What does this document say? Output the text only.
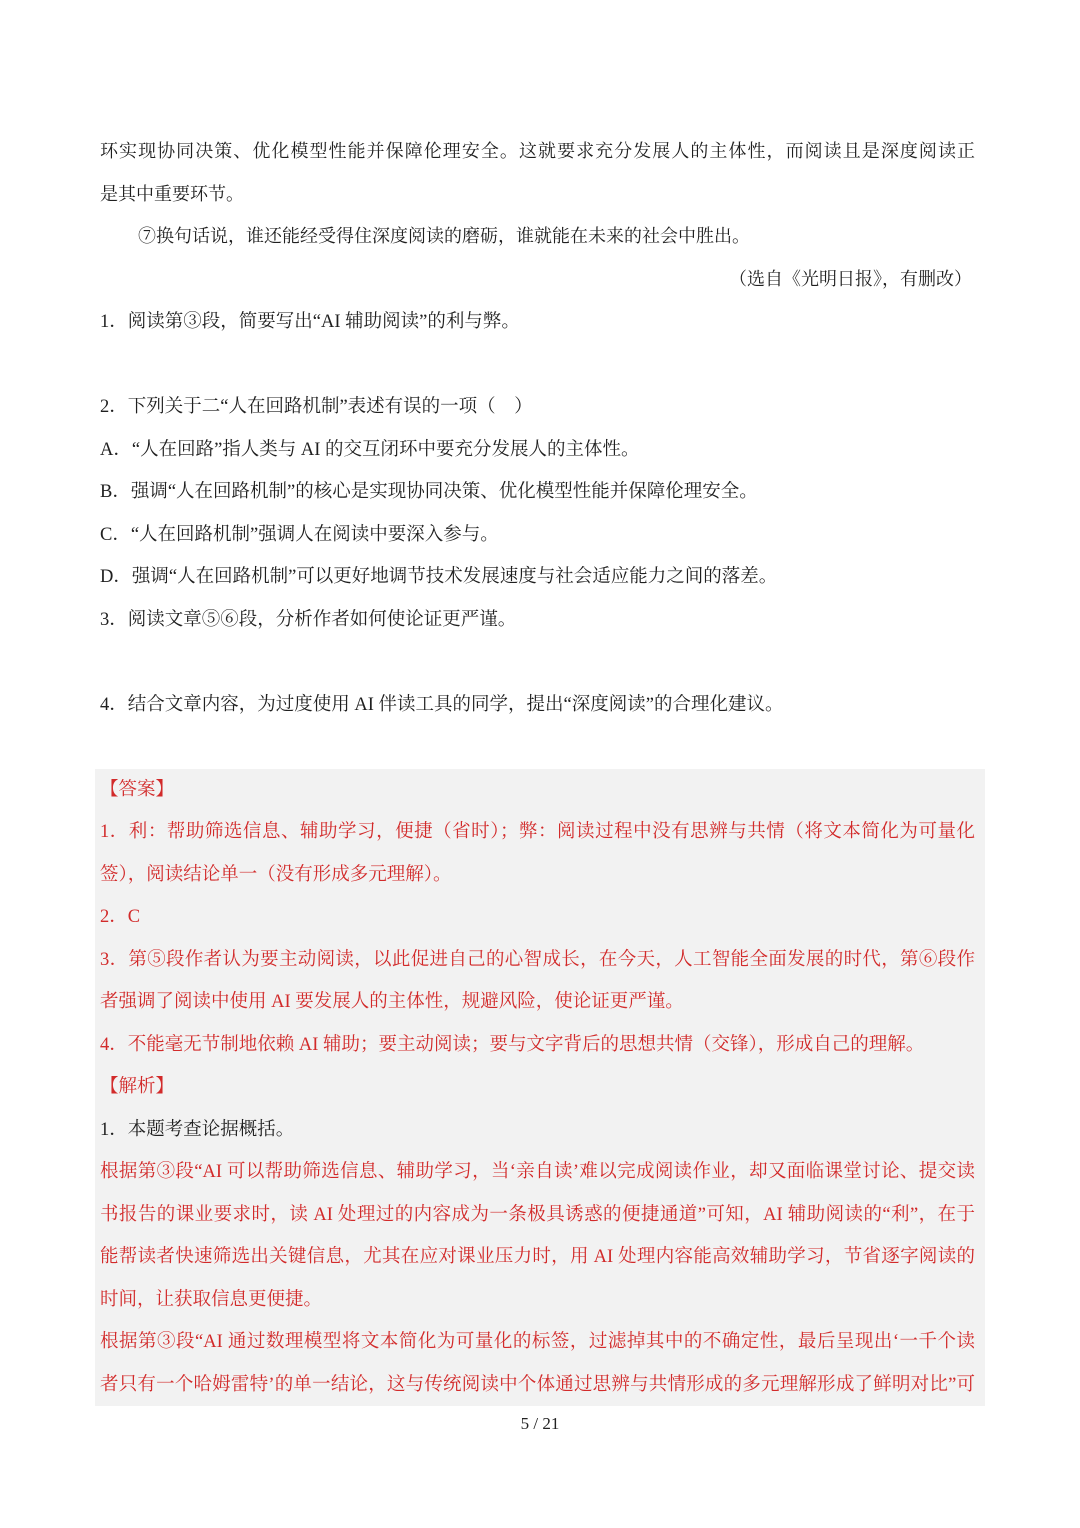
环实现协同决策、优化模型性能并保障伦理安全。这就要求充分发展人的主体性，而阅读且是深度阅读正
是其中重要环节。
⑦换句话说，谁还能经受得住深度阅读的磨砺，谁就能在未来的社会中胜出。
（选自《光明日报》，有删改）
1．阅读第③段，简要写出“AI 辅助阅读”的利与弊。
2．下列关于二“人在回路机制”表述有误的一项（　）
A．“人在回路”指人类与 AI 的交互闭环中要充分发展人的主体性。
B．强调“人在回路机制”的核心是实现协同决策、优化模型性能并保障伦理安全。
C．“人在回路机制”强调人在阅读中要深入参与。
D．强调“人在回路机制”可以更好地调节技术发展速度与社会适应能力之间的落差。
3．阅读文章⑤⑥段，分析作者如何使论证更严谨。
4．结合文章内容，为过度使用 AI 伴读工具的同学，提出“深度阅读”的合理化建议。
【答案】
1．利：帮助筛选信息、辅助学习，便捷（省时）；弊：阅读过程中没有思辨与共情（将文本简化为可量化
签），阅读结论单一（没有形成多元理解）。
2．C
3．第⑤段作者认为要主动阅读，以此促进自己的心智成长，在今天，人工智能全面发展的时代，第⑥段作
者强调了阅读中使用 AI 要发展人的主体性，规避风险，使论证更严谨。
4．不能毫无节制地依赖 AI 辅助；要主动阅读；要与文字背后的思想共情（交锋），形成自己的理解。
【解析】
1．本题考查论据概括。
根据第③段“AI 可以帮助筛选信息、辅助学习，当‘亲自读’难以完成阅读作业，却又面临课堂讨论、提交读
书报告的课业要求时，读 AI 处理过的内容成为一条极具诱惑的便捷通道”可知，AI 辅助阅读的“利”，在于
能帮读者快速筛选出关键信息，尤其在应对课业压力时，用 AI 处理内容能高效辅助学习，节省逐字阅读的
时间，让获取信息更便捷。
根据第③段“AI 通过数理模型将文本简化为可量化的标签，过滤掉其中的不确定性，最后呈现出‘一千个读
者只有一个哈姆雷特’的单一结论，这与传统阅读中个体通过思辨与共情形成的多元理解形成了鲜明对比”可
5 / 21
